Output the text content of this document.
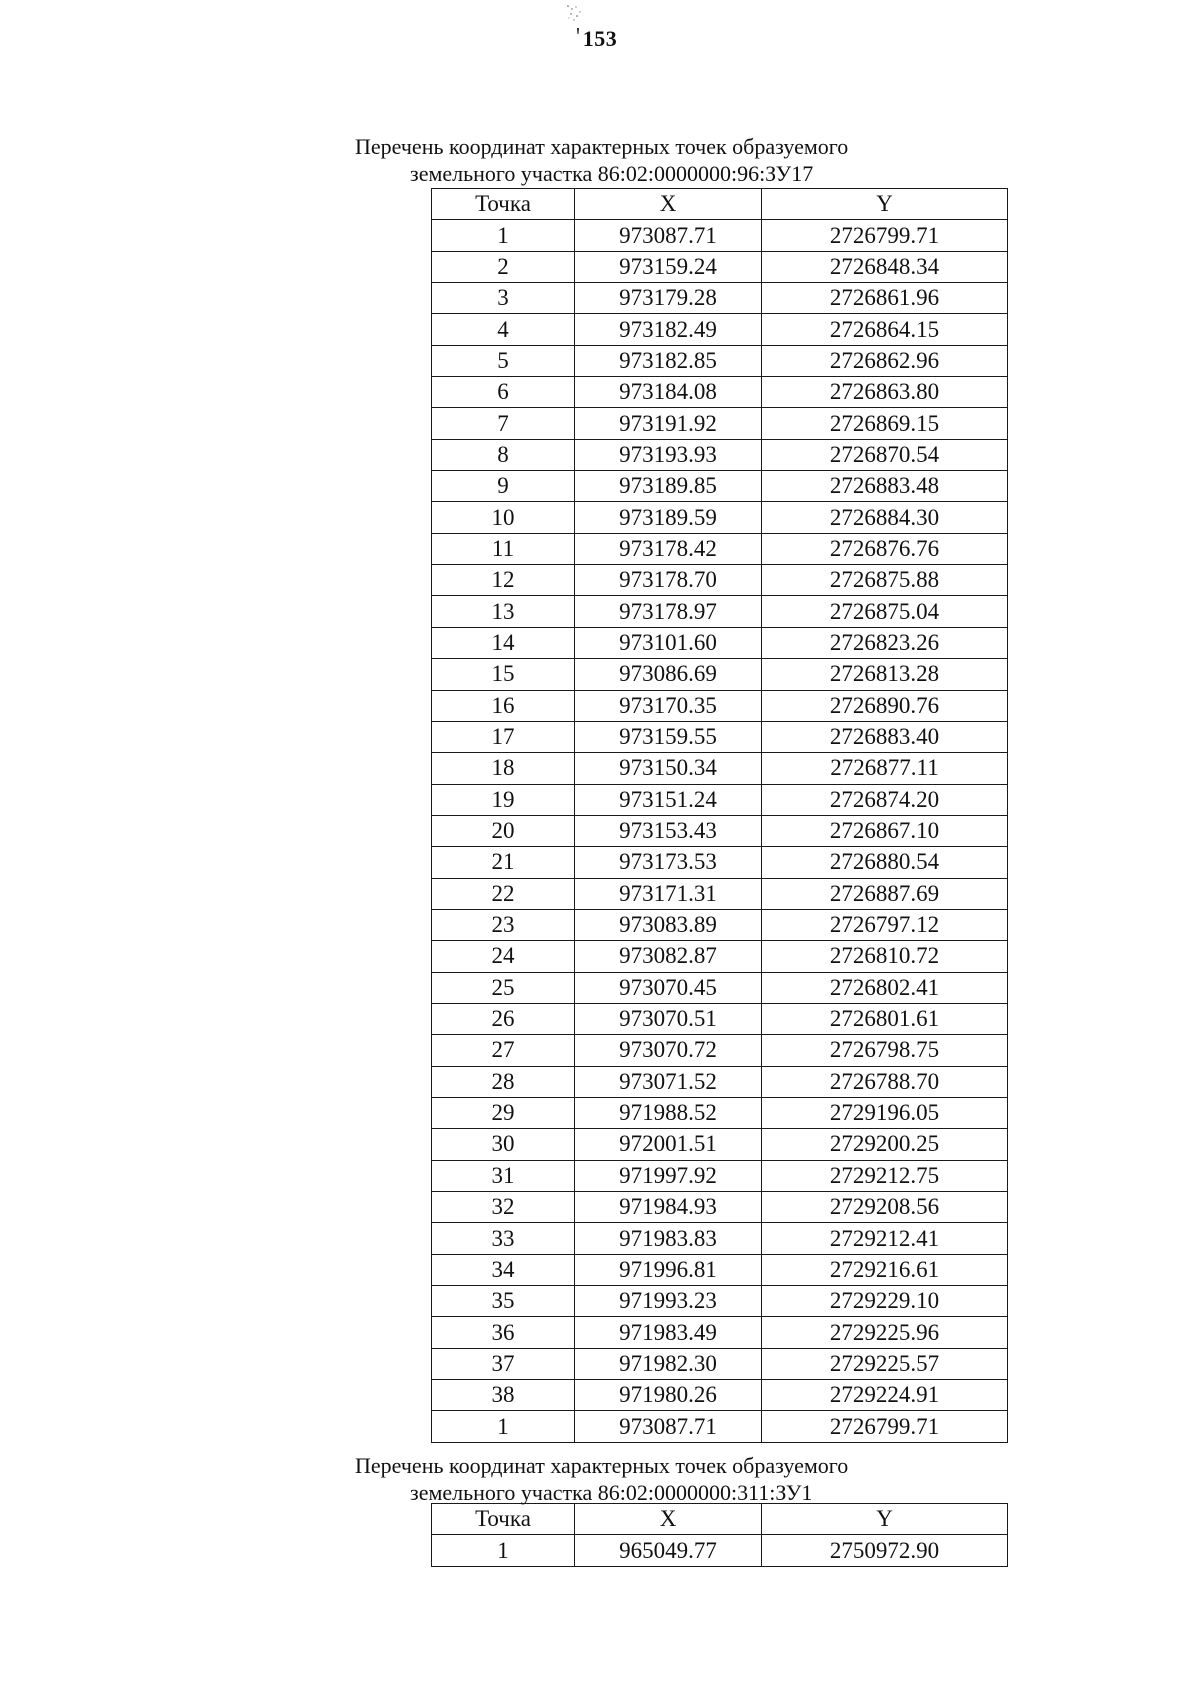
153
Перечень координат характерных точек образуемого
земельного участка 86:02:0000000:96:ЗУ17
Точка	X	Y
1	973087.71	2726799.71
2	973159.24	2726848.34
3	973179.28	2726861.96
4	973182.49	2726864.15
5	973182.85	2726862.96
6	973184.08	2726863.80
7	973191.92	2726869.15
8	973193.93	2726870.54
9	973189.85	2726883.48
10	973189.59	2726884.30
11	973178.42	2726876.76
12	973178.70	2726875.88
13	973178.97	2726875.04
14	973101.60	2726823.26
15	973086.69	2726813.28
16	973170.35	2726890.76
17	973159.55	2726883.40
18	973150.34	2726877.11
19	973151.24	2726874.20
20	973153.43	2726867.10
21	973173.53	2726880.54
22	973171.31	2726887.69
23	973083.89	2726797.12
24	973082.87	2726810.72
25	973070.45	2726802.41
26	973070.51	2726801.61
27	973070.72	2726798.75
28	973071.52	2726788.70
29	971988.52	2729196.05
30	972001.51	2729200.25
31	971997.92	2729212.75
32	971984.93	2729208.56
33	971983.83	2729212.41
34	971996.81	2729216.61
35	971993.23	2729229.10
36	971983.49	2729225.96
37	971982.30	2729225.57
38	971980.26	2729224.91
1	973087.71	2726799.71
Перечень координат характерных точек образуемого
земельного участка 86:02:0000000:311:ЗУ1
Точка	X	Y
1	965049.77	2750972.90
